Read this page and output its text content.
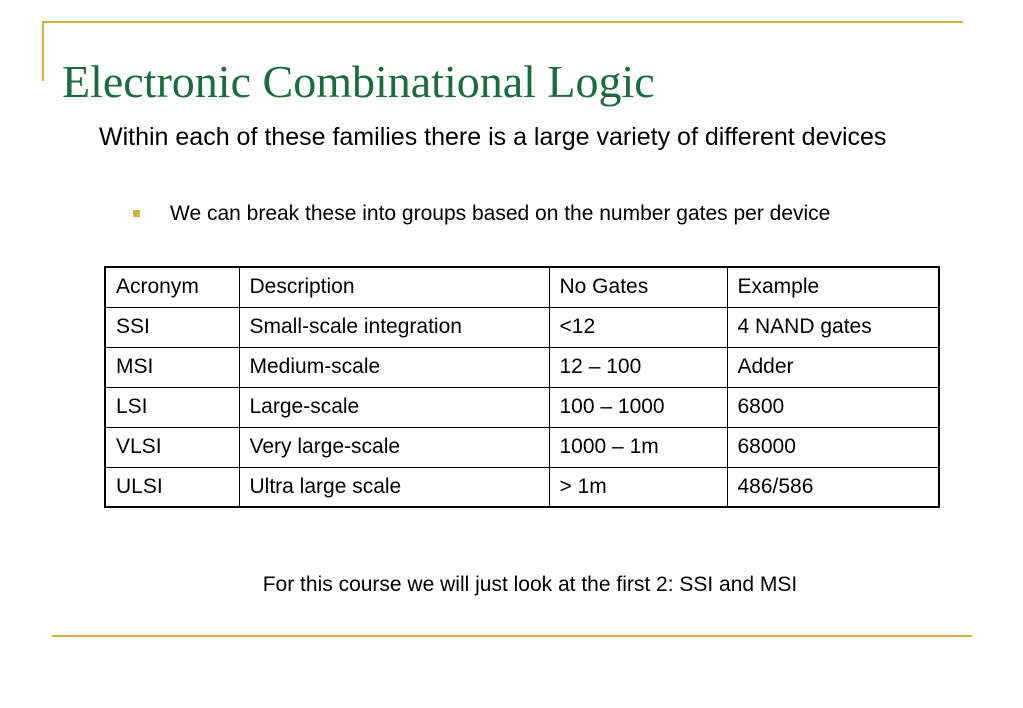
Electronic Combinational Logic

Within each of these families there is a large variety of different devices

We can break these into groups based on the number gates per device
Acronym	Description	No Gates	Example
SSI	Small-scale integration	<12	4 NAND gates
MSI	Medium-scale	12 – 100	Adder
LSI	Large-scale	100 – 1000	6800
VLSI	Very large-scale	1000 – 1m	68000
ULSI	Ultra large scale	> 1m	486/586

For this course we will just look at the first 2: SSI and MSI
